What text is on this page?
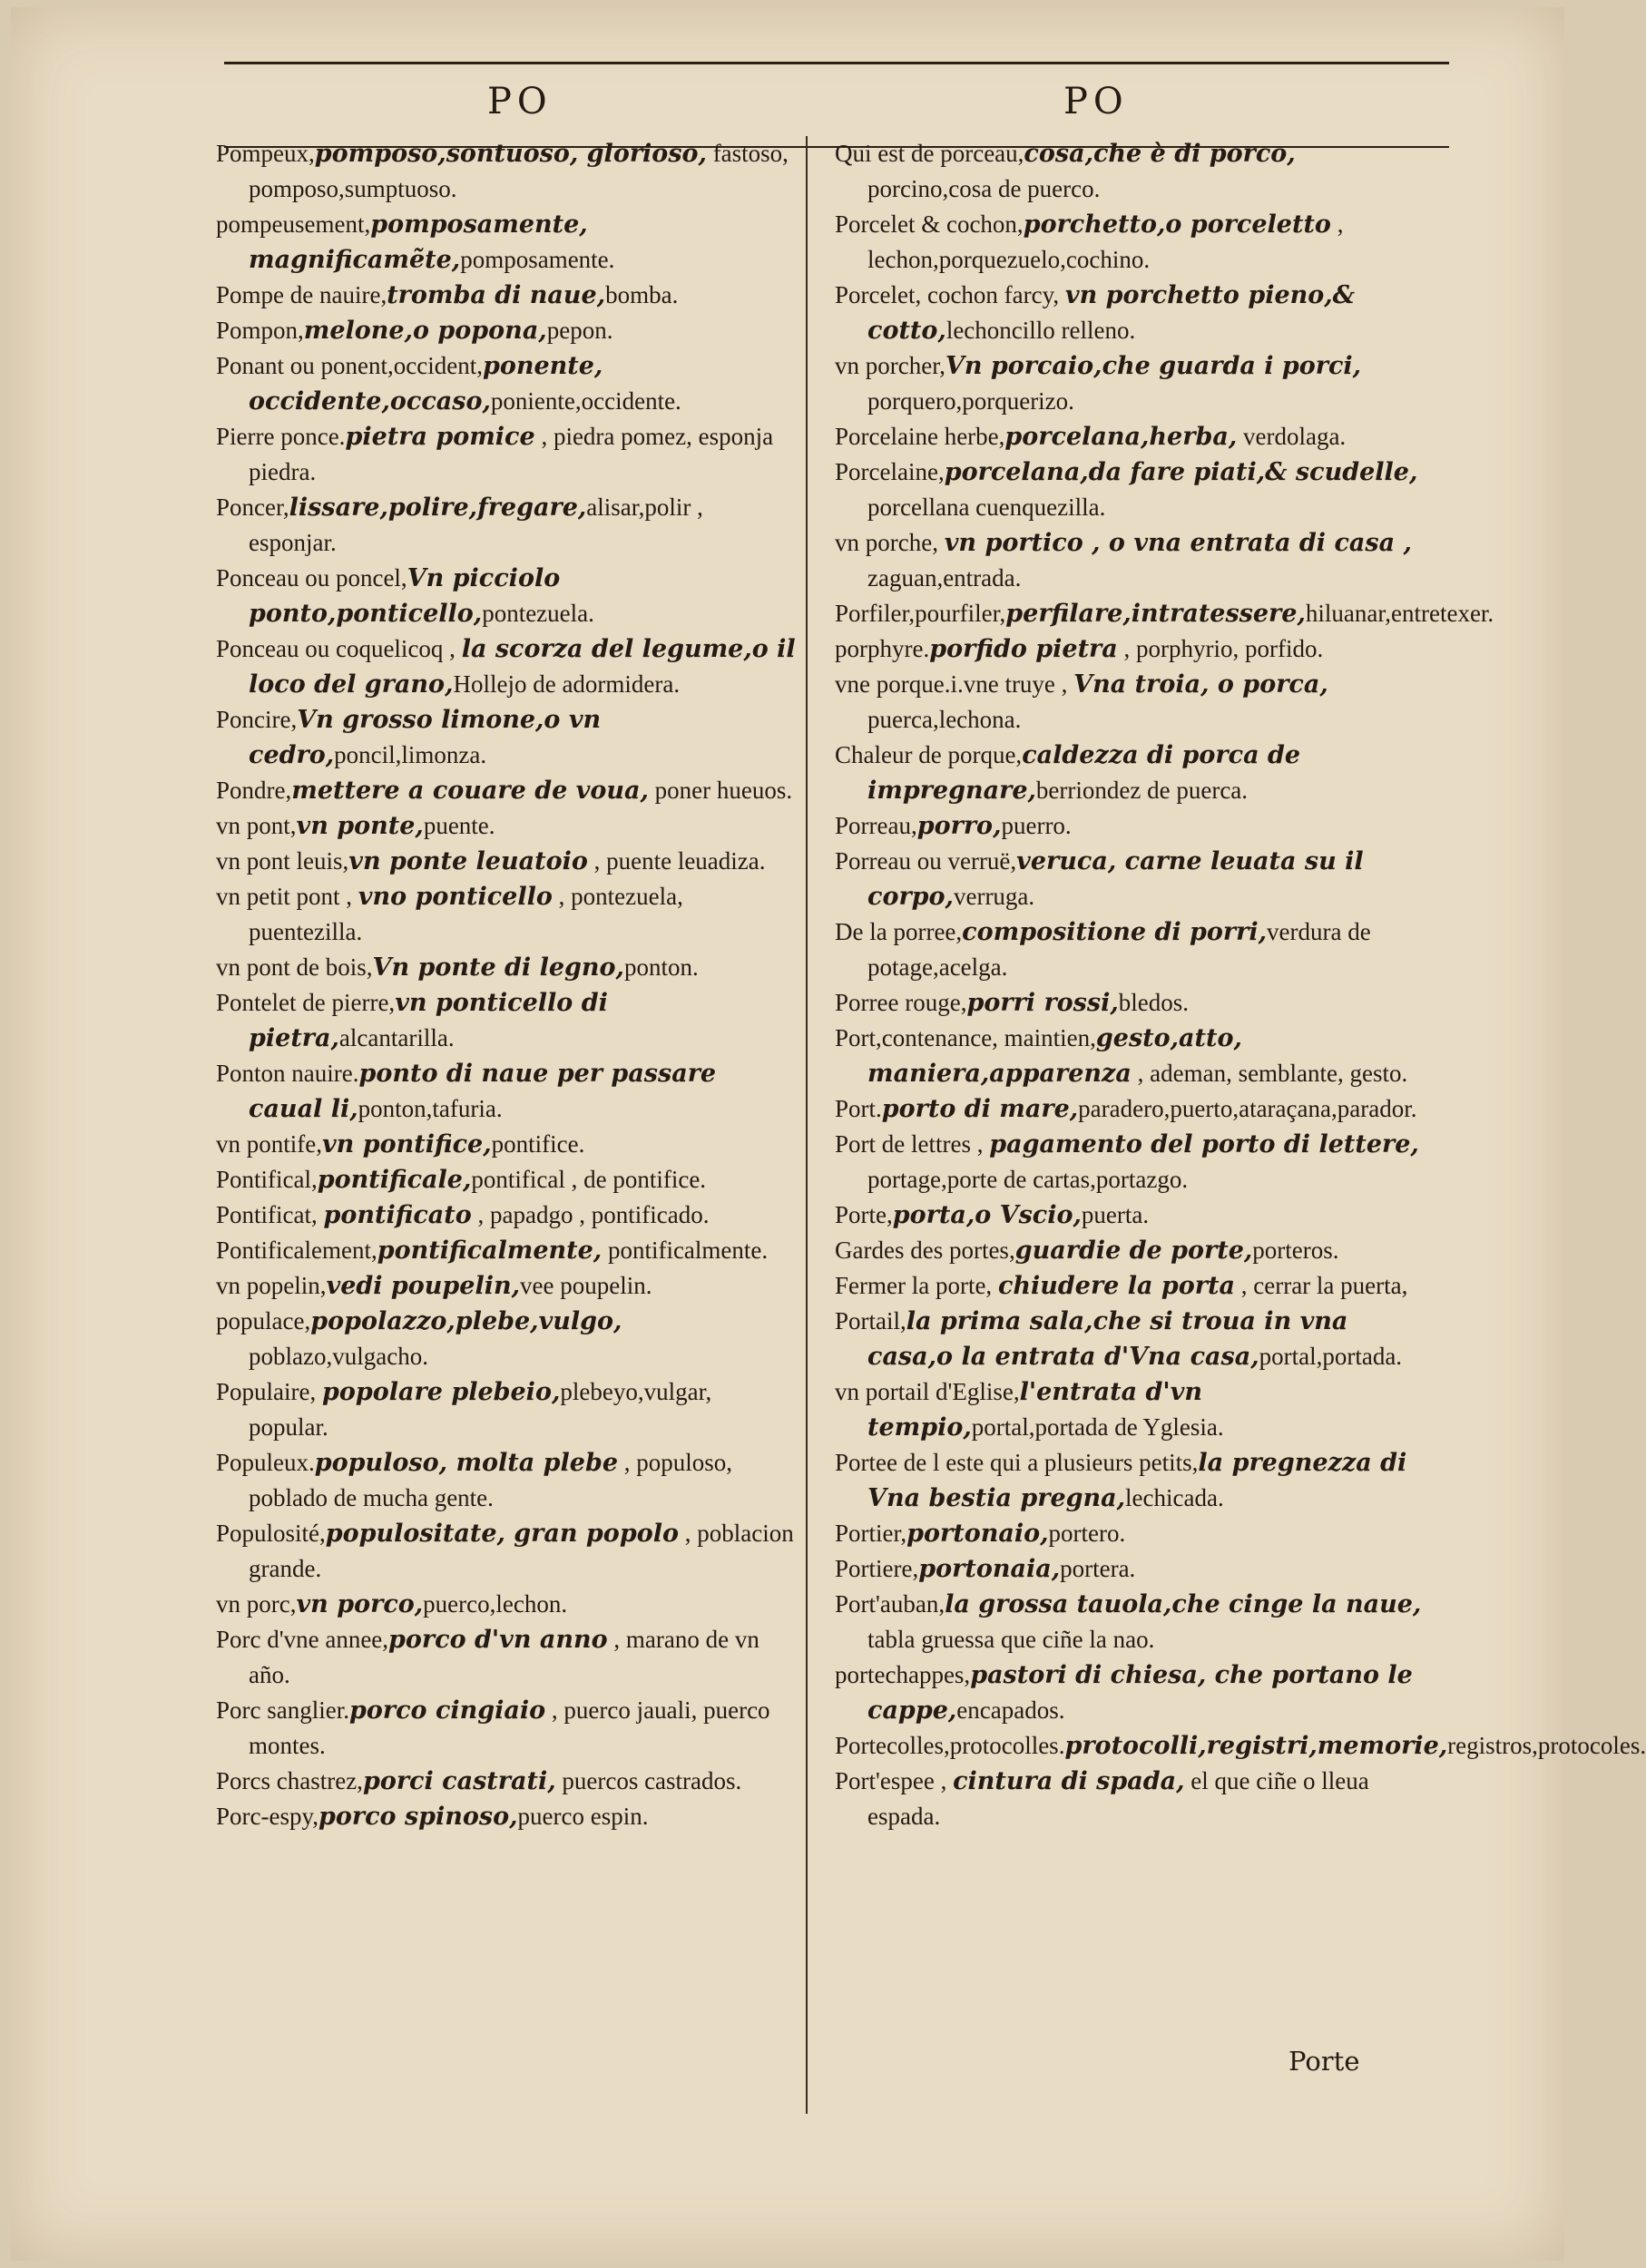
PO	PO

Pompeux,pomposo,sontuoso, glorioso, fastoso, pomposo,sumptuoso.

pompeusement,pomposamente, magnificamẽte,pomposamente.

Pompe de nauire,tromba di naue,bomba.

Pompon,melone,o popona,pepon.

Ponant ou ponent,occident,ponente, occidente,occaso,poniente,occidente.

Pierre ponce.pietra pomice , piedra pomez, esponja piedra.

Poncer,lissare,polire,fregare,alisar,polir , esponjar.

Ponceau ou poncel,Vn picciolo ponto,ponticello,pontezuela.

Ponceau ou coquelicoq , la scorza del legume,o il loco del grano,Hollejo de adormidera.

Poncire,Vn grosso limone,o vn cedro,poncil,limonza.

Pondre,mettere a couare de voua, poner hueuos.

vn pont,vn ponte,puente.

vn pont leuis,vn ponte leuatoio , puente leuadiza.

vn petit pont , vno ponticello , pontezuela, puentezilla.

vn pont de bois,Vn ponte di legno,ponton.

Pontelet de pierre,vn ponticello di pietra,alcantarilla.

Ponton nauire.ponto di naue per passare caual li,ponton,tafuria.

vn pontife,vn pontifice,pontifice.

Pontifical,pontificale,pontifical , de pontifice.

Pontificat, pontificato , papadgo , pontificado.

Pontificalement,pontificalmente, pontificalmente.

vn popelin,vedi poupelin,vee poupelin.

populace,popolazzo,plebe,vulgo, poblazo,vulgacho.

Populaire, popolare plebeio,plebeyo,vulgar, popular.

Populeux.populoso, molta plebe , populoso, poblado de mucha gente.

Populosité,populositate, gran popolo , poblacion grande.

vn porc,vn porco,puerco,lechon.

Porc d'vne annee,porco d'vn anno , marano de vn año.

Porc sanglier.porco cingiaio , puerco jauali, puerco montes.

Porcs chastrez,porci castrati, puercos castrados.

Porc-espy,porco spinoso,puerco espin.

Qui est de porceau,cosa,che è di porco, porcino,cosa de puerco.

Porcelet & cochon,porchetto,o porceletto , lechon,porquezuelo,cochino.

Porcelet, cochon farcy, vn porchetto pieno,& cotto,lechoncillo relleno.

vn porcher,Vn porcaio,che guarda i porci, porquero,porquerizo.

Porcelaine herbe,porcelana,herba, verdolaga.

Porcelaine,porcelana,da fare piati,& scudelle, porcellana cuenquezilla.

vn porche, vn portico , o vna entrata di casa , zaguan,entrada.

Porfiler,pourfiler,perfilare,intratessere,hiluanar,entretexer.

porphyre.porfido pietra , porphyrio, porfido.

vne porque.i.vne truye , Vna troia, o porca, puerca,lechona.

Chaleur de porque,caldezza di porca de impregnare,berriondez de puerca.

Porreau,porro,puerro.

Porreau ou verruë,veruca, carne leuata su il corpo,verruga.

De la porree,compositione di porri,verdura de potage,acelga.

Porree rouge,porri rossi,bledos.

Port,contenance, maintien,gesto,atto, maniera,apparenza , ademan, semblante, gesto.

Port.porto di mare,paradero,puerto,ataraçana,parador.

Port de lettres , pagamento del porto di lettere, portage,porte de cartas,portazgo.

Porte,porta,o Vscio,puerta.

Gardes des portes,guardie de porte,porteros.

Fermer la porte, chiudere la porta , cerrar la puerta,

Portail,la prima sala,che si troua in vna casa,o la entrata d'Vna casa,portal,portada.

vn portail d'Eglise,l'entrata d'vn tempio,portal,portada de Yglesia.

Portee de l este qui a plusieurs petits,la pregnezza di Vna bestia pregna,lechicada.

Portier,portonaio,portero.

Portiere,portonaia,portera.

Port'auban,la grossa tauola,che cinge la naue, tabla gruessa que ciñe la nao.

portechappes,pastori di chiesa, che portano le cappe,encapados.

Portecolles,protocolles.protocolli,registri,memorie,registros,protocoles.

Port'espee , cintura di spada, el que ciñe o lleua espada.

Porte
